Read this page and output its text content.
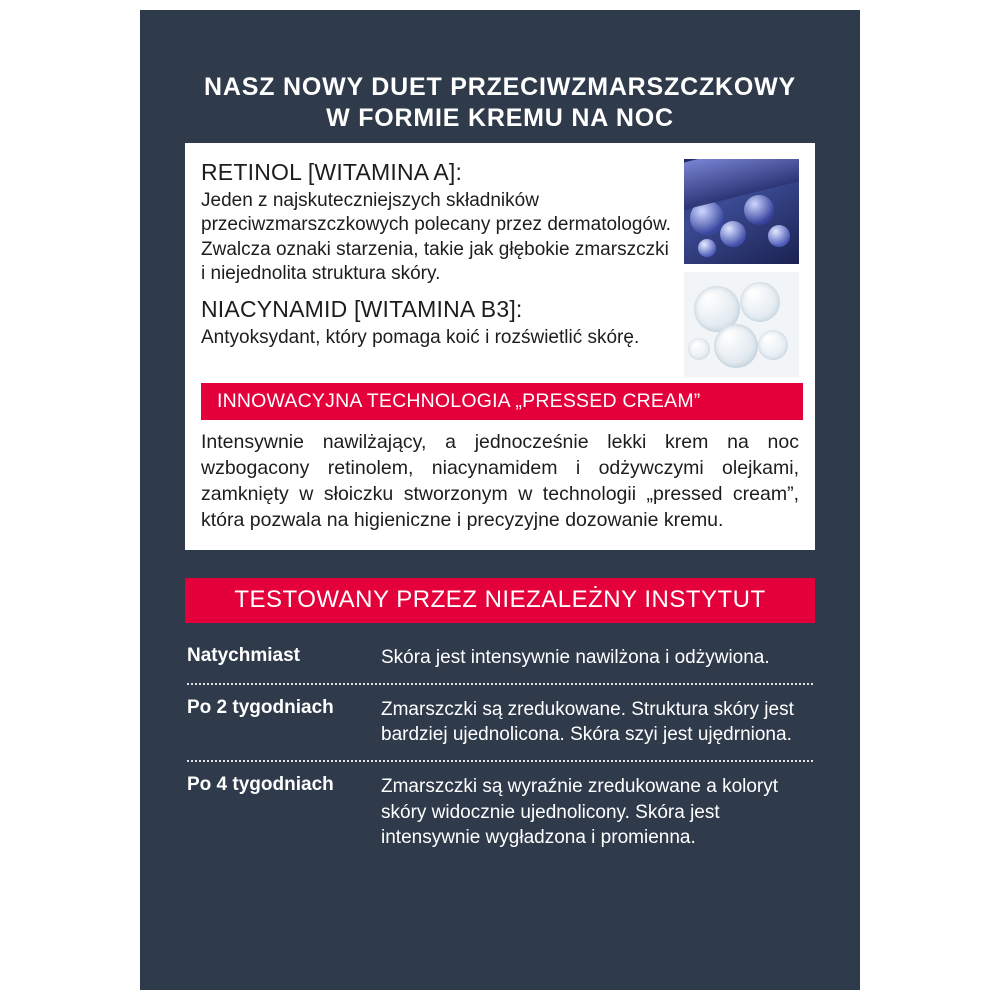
NASZ NOWY DUET PRZECIWZMARSZCZKOWY
W FORMIE KREMU NA NOC
RETINOL [WITAMINA A]:
Jeden z najskuteczniejszych składników przeciwzmarszczkowych polecany przez dermatologów. Zwalcza oznaki starzenia, takie jak głębokie zmarszczki i niejednolita struktura skóry.
NIACYNAMID [WITAMINA B3]:
Antyoksydant, który pomaga koić i rozświetlić skórę.
INNOWACYJNA TECHNOLOGIA „PRESSED CREAM”
Intensywnie nawilżający, a jednocześnie lekki krem na noc wzbogacony retinolem, niacynamidem i odżywczymi olejkami, zamknięty w słoiczku stworzonym w technologii „pressed cream”, która pozwala na higieniczne i precyzyjne dozowanie kremu.
TESTOWANY PRZEZ NIEZALEŻNY INSTYTUT
Natychmiast	Skóra jest intensywnie nawilżona i odżywiona.
Po 2 tygodniach	Zmarszczki są zredukowane. Struktura skóry jest bardziej ujednolicona. Skóra szyi jest ujędrniona.
Po 4 tygodniach	Zmarszczki są wyraźnie zredukowane a koloryt skóry widocznie ujednolicony. Skóra jest intensywnie wygładzona i promienna.
